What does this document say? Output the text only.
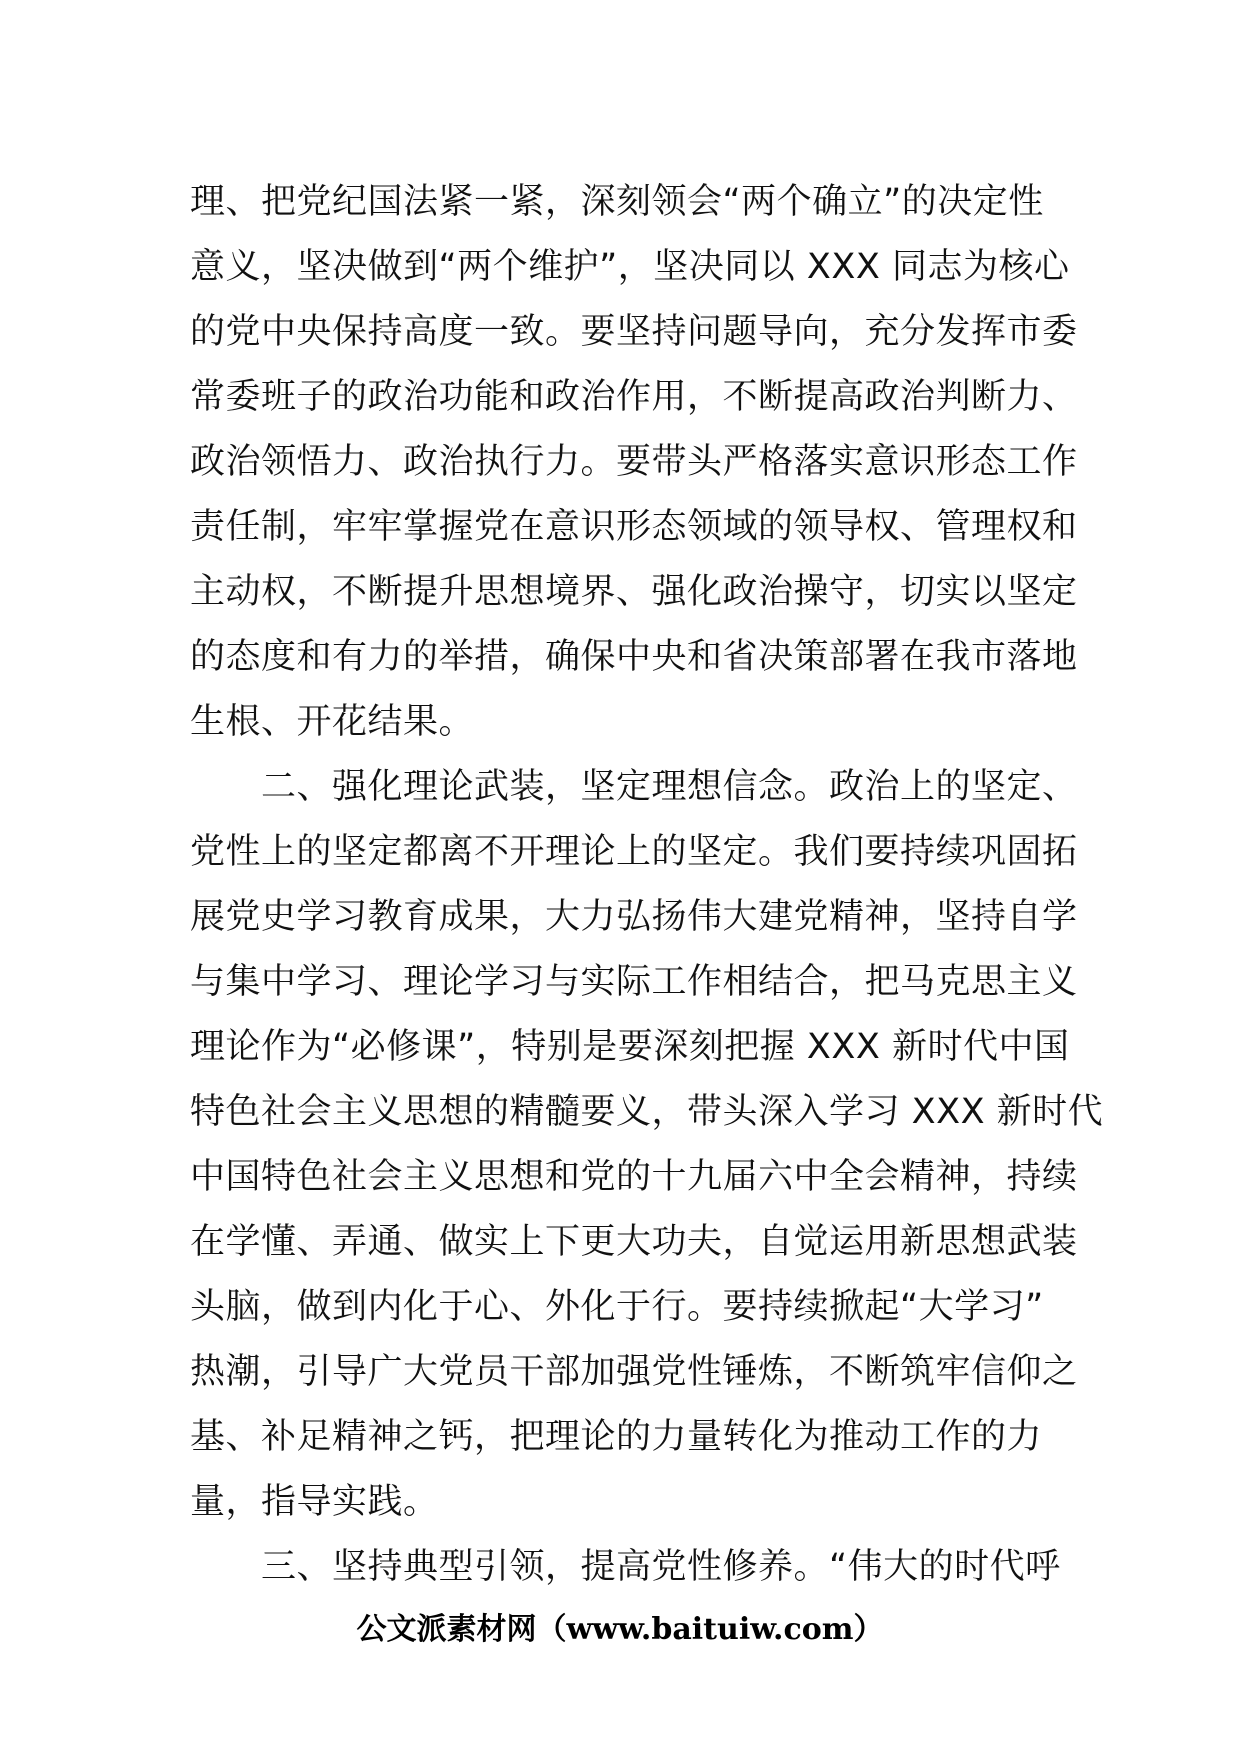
理、把党纪国法紧一紧，深刻领会“两个确立”的决定性
意义，坚决做到“两个维护”，坚决同以 XXX 同志为核心
的党中央保持高度一致。要坚持问题导向，充分发挥市委
常委班子的政治功能和政治作用，不断提高政治判断力、
政治领悟力、政治执行力。要带头严格落实意识形态工作
责任制，牢牢掌握党在意识形态领域的领导权、管理权和
主动权，不断提升思想境界、强化政治操守，切实以坚定
的态度和有力的举措，确保中央和省决策部署在我市落地
生根、开花结果。
　　二、强化理论武装，坚定理想信念。政治上的坚定、
党性上的坚定都离不开理论上的坚定。我们要持续巩固拓
展党史学习教育成果，大力弘扬伟大建党精神，坚持自学
与集中学习、理论学习与实际工作相结合，把马克思主义
理论作为“必修课”，特别是要深刻把握 XXX 新时代中国
特色社会主义思想的精髓要义，带头深入学习 XXX 新时代
中国特色社会主义思想和党的十九届六中全会精神，持续
在学懂、弄通、做实上下更大功夫，自觉运用新思想武装
头脑，做到内化于心、外化于行。要持续掀起“大学习”
热潮，引导广大党员干部加强党性锤炼，不断筑牢信仰之
基、补足精神之钙，把理论的力量转化为推动工作的力
量，指导实践。
　　三、坚持典型引领，提高党性修养。“伟大的时代呼
公文派素材网（www.baituiw.com）
